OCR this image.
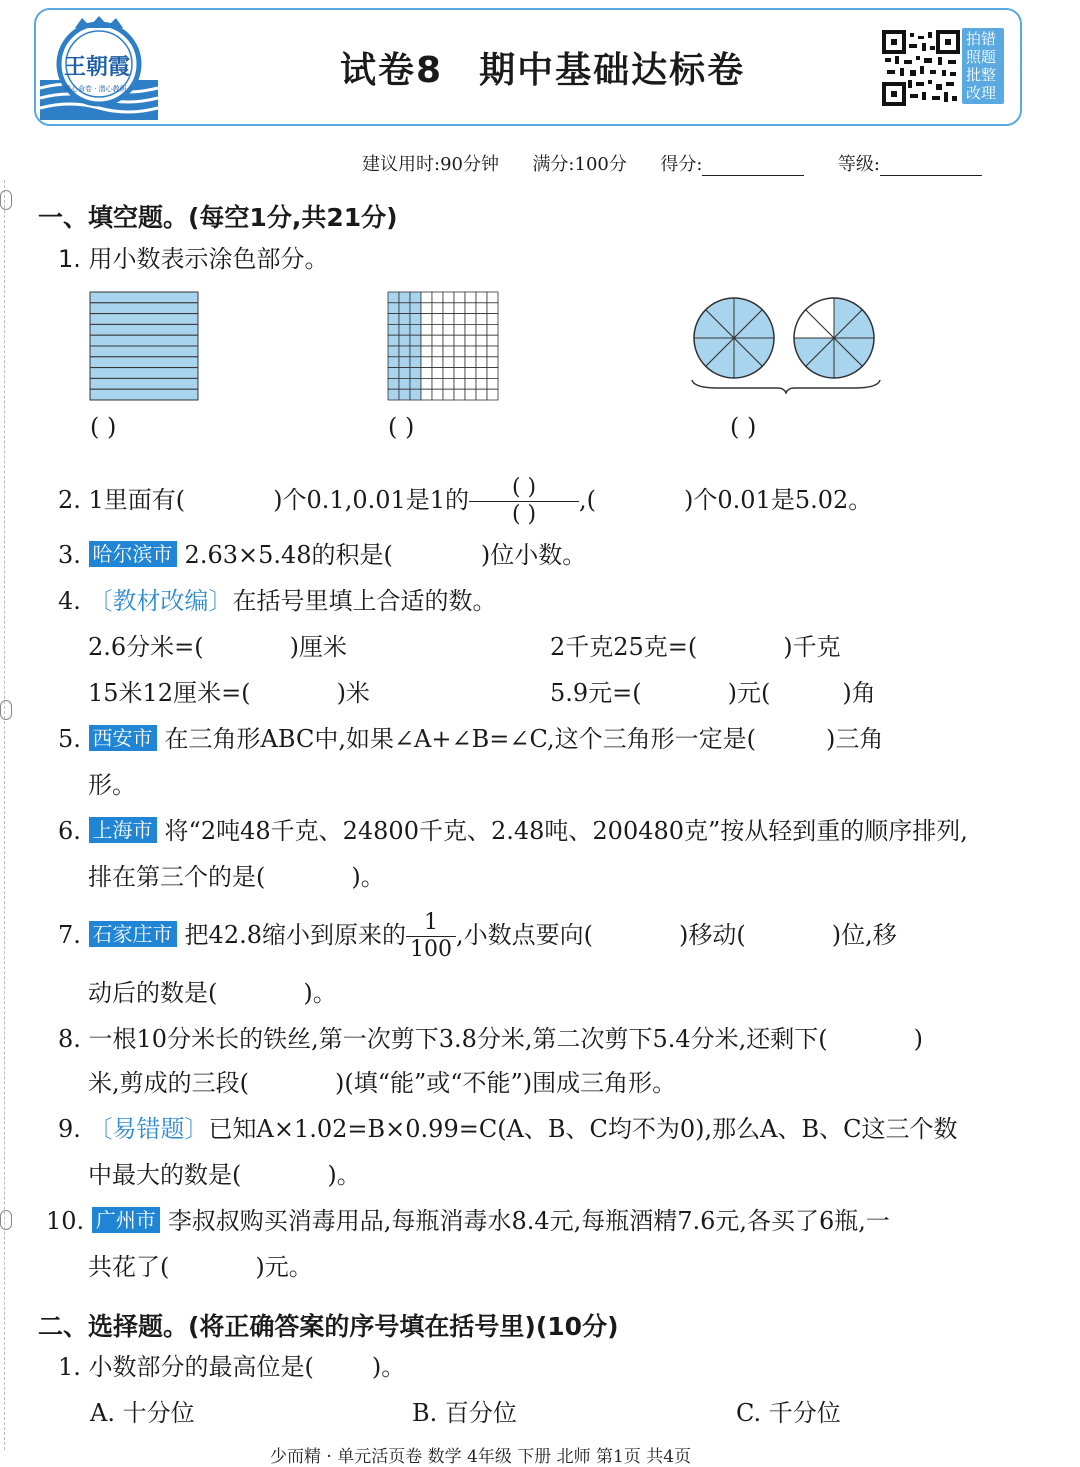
王朝霞
精心命卷 · 潜心教研	试卷8 期中基础达标卷
拍错
照题
批整
改理
建议用时:90分钟 满分:100分 得分:	等级:
一、填空题。(每空1分,共21分)
1. 用小数表示涂色部分。
( )	( )	( )
2. 1里面有(	)个0.1,0.01是1的 $\frac{( )}{( )}$ ,(	)个0.01是5.02。
3. 哈尔滨市 2.63×5.48的积是(	)位小数。
4. 〔教材改编〕在括号里填上合适的数。
2.6分米=(	)厘米	2千克25克=(	)千克
15米12厘米=(	)米	5.9元=(	)元(	)角
5. 西安市 在三角形ABC中,如果∠A+∠B=∠C,这个三角形一定是(	)三角
形。
6. 上海市 将“2吨48千克、24800千克、2.48吨、200480克”按从轻到重的顺序排列,
排在第三个的是(	)。
7. 石家庄市 把42.8缩小到原来的 $\frac{1}{100}$ ,小数点要向(	)移动(	)位,移
动后的数是(	)。
8. 一根10分米长的铁丝,第一次剪下3.8分米,第二次剪下5.4分米,还剩下(	)
米,剪成的三段(	)(填“能”或“不能”)围成三角形。
9. 〔易错题〕已知A×1.02=B×0.99=C(A、B、C均不为0),那么A、B、C这三个数
中最大的数是(	)。
10. 广州市 李叔叔购买消毒用品,每瓶消毒水8.4元,每瓶酒精7.6元,各买了6瓶,一
共花了(	)元。
二、选择题。(将正确答案的序号填在括号里)(10分)
1. 小数部分的最高位是( )。
A. 十分位	B. 百分位	C. 千分位
少而精 · 单元活页卷 数学 4年级 下册 北师 第1页 共4页
